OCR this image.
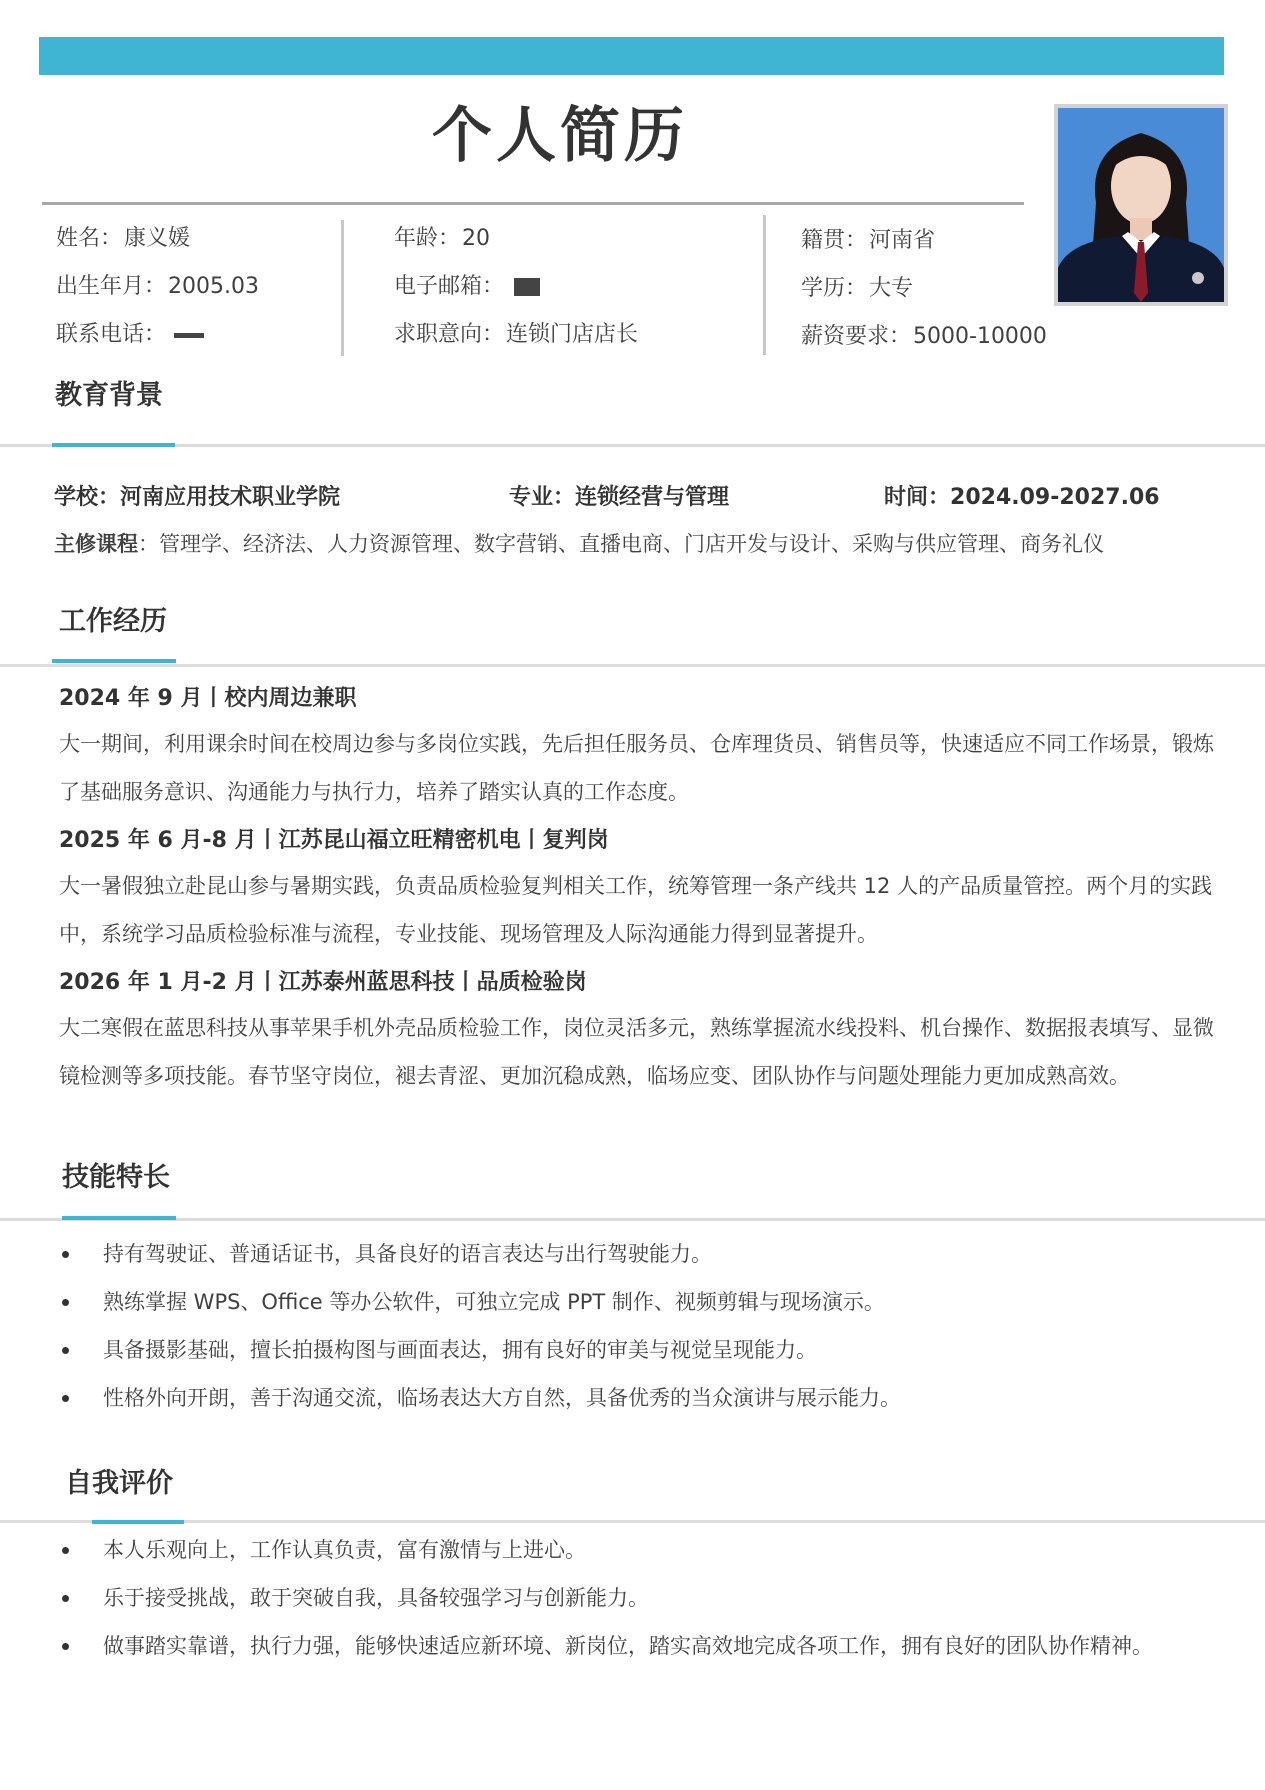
个人简历
姓名：康义媛
出生年月：2005.03
联系电话：
年龄：20
电子邮箱：
求职意向：连锁门店店长
籍贯：河南省
学历：大专
薪资要求：5000-10000
教育背景
学校：河南应用技术职业学院	专业：连锁经营与管理	时间：2024.09-2027.06
主修课程：管理学、经济法、人力资源管理、数字营销、直播电商、门店开发与设计、采购与供应管理、商务礼仪
工作经历
2024 年 9 月丨校内周边兼职
大一期间，利用课余时间在校周边参与多岗位实践，先后担任服务员、仓库理货员、销售员等，快速适应不同工作场景，锻炼了基础服务意识、沟通能力与执行力，培养了踏实认真的工作态度。
2025 年 6 月-8 月丨江苏昆山福立旺精密机电丨复判岗
大一暑假独立赴昆山参与暑期实践，负责品质检验复判相关工作，统筹管理一条产线共 12 人的产品质量管控。两个月的实践中，系统学习品质检验标准与流程，专业技能、现场管理及人际沟通能力得到显著提升。
2026 年 1 月-2 月丨江苏泰州蓝思科技丨品质检验岗
大二寒假在蓝思科技从事苹果手机外壳品质检验工作，岗位灵活多元，熟练掌握流水线投料、机台操作、数据报表填写、显微镜检测等多项技能。春节坚守岗位，褪去青涩、更加沉稳成熟，临场应变、团队协作与问题处理能力更加成熟高效。
技能特长
持有驾驶证、普通话证书，具备良好的语言表达与出行驾驶能力。
熟练掌握 WPS、Office 等办公软件，可独立完成 PPT 制作、视频剪辑与现场演示。
具备摄影基础，擅长拍摄构图与画面表达，拥有良好的审美与视觉呈现能力。
性格外向开朗，善于沟通交流，临场表达大方自然，具备优秀的当众演讲与展示能力。
自我评价
本人乐观向上，工作认真负责，富有激情与上进心。
乐于接受挑战，敢于突破自我，具备较强学习与创新能力。
做事踏实靠谱，执行力强，能够快速适应新环境、新岗位，踏实高效地完成各项工作，拥有良好的团队协作精神。
